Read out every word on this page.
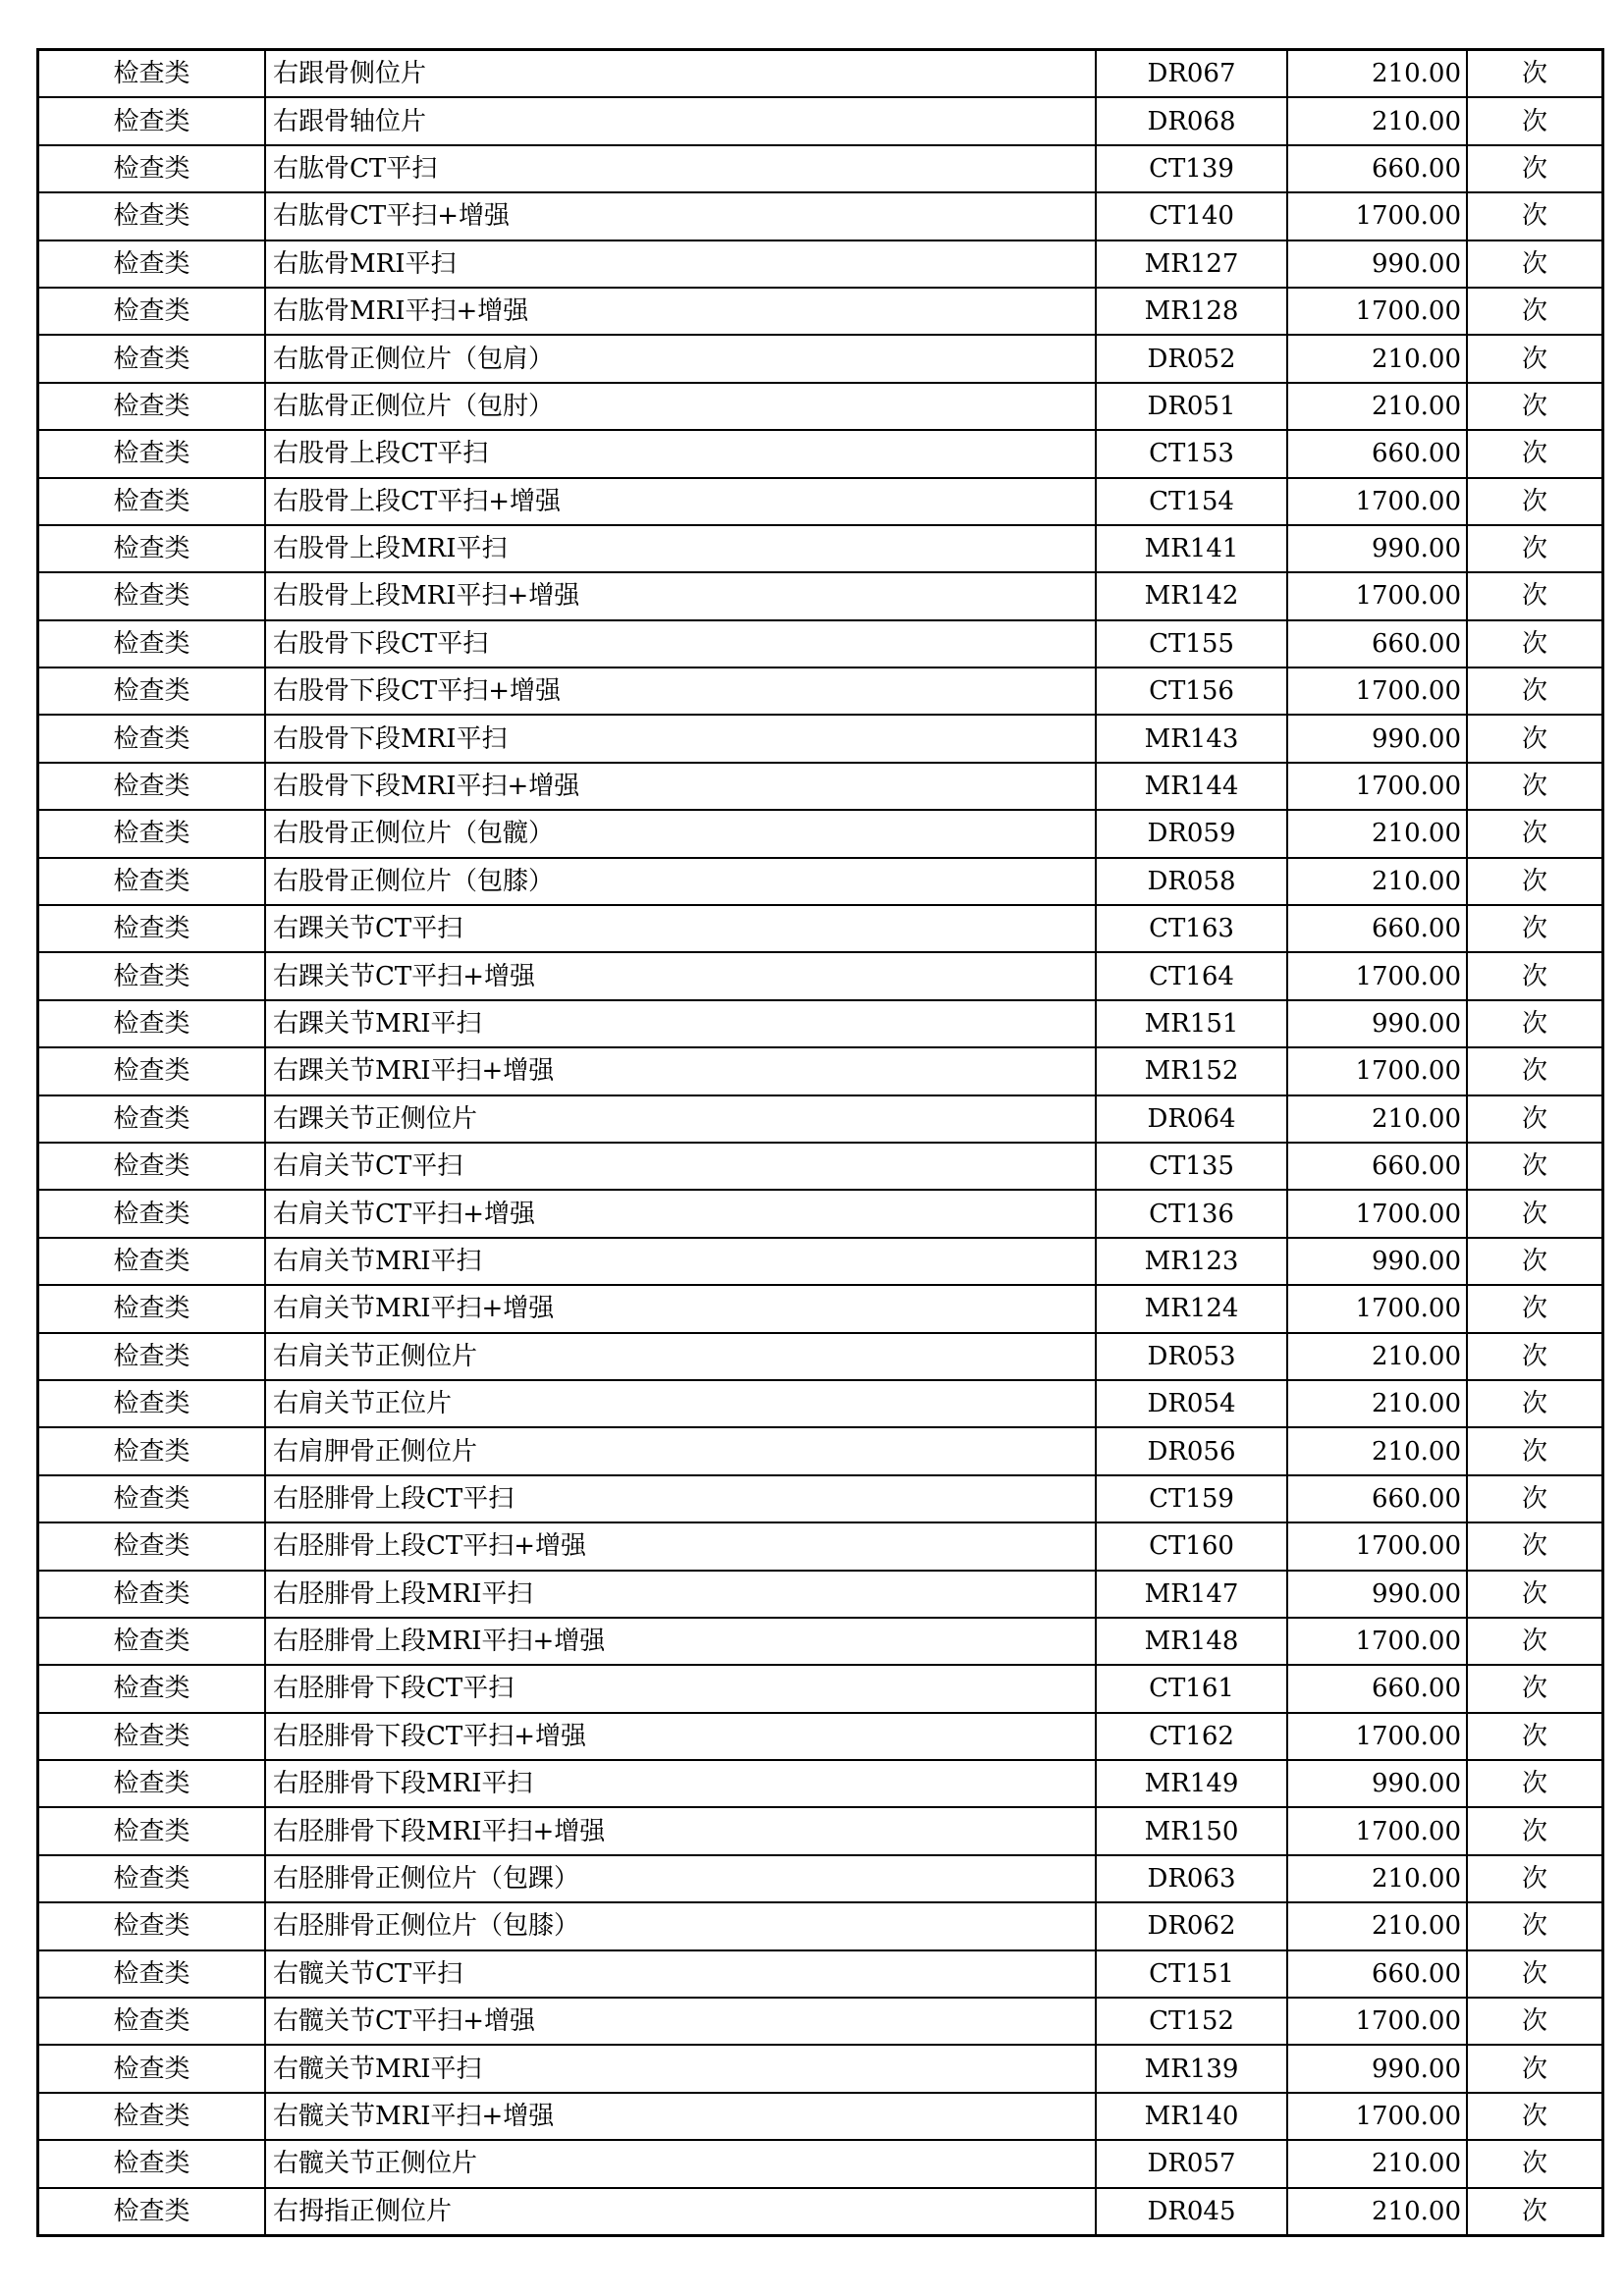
检查类	右跟骨侧位片	DR067	210.00	次
检查类	右跟骨轴位片	DR068	210.00	次
检查类	右肱骨CT平扫	CT139	660.00	次
检查类	右肱骨CT平扫+增强	CT140	1700.00	次
检查类	右肱骨MRI平扫	MR127	990.00	次
检查类	右肱骨MRI平扫+增强	MR128	1700.00	次
检查类	右肱骨正侧位片（包肩）	DR052	210.00	次
检查类	右肱骨正侧位片（包肘）	DR051	210.00	次
检查类	右股骨上段CT平扫	CT153	660.00	次
检查类	右股骨上段CT平扫+增强	CT154	1700.00	次
检查类	右股骨上段MRI平扫	MR141	990.00	次
检查类	右股骨上段MRI平扫+增强	MR142	1700.00	次
检查类	右股骨下段CT平扫	CT155	660.00	次
检查类	右股骨下段CT平扫+增强	CT156	1700.00	次
检查类	右股骨下段MRI平扫	MR143	990.00	次
检查类	右股骨下段MRI平扫+增强	MR144	1700.00	次
检查类	右股骨正侧位片（包髋）	DR059	210.00	次
检查类	右股骨正侧位片（包膝）	DR058	210.00	次
检查类	右踝关节CT平扫	CT163	660.00	次
检查类	右踝关节CT平扫+增强	CT164	1700.00	次
检查类	右踝关节MRI平扫	MR151	990.00	次
检查类	右踝关节MRI平扫+增强	MR152	1700.00	次
检查类	右踝关节正侧位片	DR064	210.00	次
检查类	右肩关节CT平扫	CT135	660.00	次
检查类	右肩关节CT平扫+增强	CT136	1700.00	次
检查类	右肩关节MRI平扫	MR123	990.00	次
检查类	右肩关节MRI平扫+增强	MR124	1700.00	次
检查类	右肩关节正侧位片	DR053	210.00	次
检查类	右肩关节正位片	DR054	210.00	次
检查类	右肩胛骨正侧位片	DR056	210.00	次
检查类	右胫腓骨上段CT平扫	CT159	660.00	次
检查类	右胫腓骨上段CT平扫+增强	CT160	1700.00	次
检查类	右胫腓骨上段MRI平扫	MR147	990.00	次
检查类	右胫腓骨上段MRI平扫+增强	MR148	1700.00	次
检查类	右胫腓骨下段CT平扫	CT161	660.00	次
检查类	右胫腓骨下段CT平扫+增强	CT162	1700.00	次
检查类	右胫腓骨下段MRI平扫	MR149	990.00	次
检查类	右胫腓骨下段MRI平扫+增强	MR150	1700.00	次
检查类	右胫腓骨正侧位片（包踝）	DR063	210.00	次
检查类	右胫腓骨正侧位片（包膝）	DR062	210.00	次
检查类	右髋关节CT平扫	CT151	660.00	次
检查类	右髋关节CT平扫+增强	CT152	1700.00	次
检查类	右髋关节MRI平扫	MR139	990.00	次
检查类	右髋关节MRI平扫+增强	MR140	1700.00	次
检查类	右髋关节正侧位片	DR057	210.00	次
检查类	右拇指正侧位片	DR045	210.00	次
